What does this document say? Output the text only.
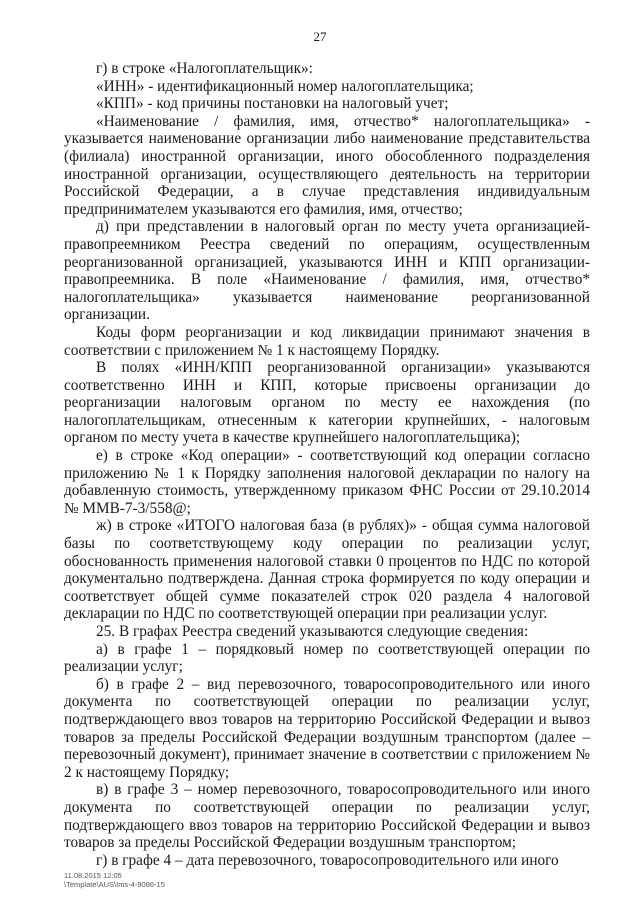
27

г) в строке «Налогоплательщик»:

«ИНН» - идентификационный номер налогоплательщика;

«КПП» - код причины постановки на налоговый учет;

«Наименование / фамилия, имя, отчество* налогоплательщика» - указывается наименование организации либо наименование представительства (филиала) иностранной организации, иного обособленного подразделения иностранной организации, осуществляющего деятельность на территории Российской Федерации, а в случае представления индивидуальным предпринимателем указываются его фамилия, имя, отчество;

д) при представлении в налоговый орган по месту учета организацией-правопреемником Реестра сведений по операциям, осуществленным реорганизованной организацией, указываются ИНН и КПП организации-правопреемника. В поле «Наименование / фамилия, имя, отчество* налогоплательщика» указывается наименование реорганизованной организации.

Коды форм реорганизации и код ликвидации принимают значения в соответствии с приложением № 1 к настоящему Порядку.

В полях «ИНН/КПП реорганизованной организации» указываются соответственно ИНН и КПП, которые присвоены организации до реорганизации налоговым органом по месту ее нахождения (по налогоплательщикам, отнесенным к категории крупнейших, - налоговым органом по месту учета в качестве крупнейшего налогоплательщика);

е) в строке «Код операции» - соответствующий код операции согласно приложению № 1 к Порядку заполнения налоговой декларации по налогу на добавленную стоимость, утвержденному приказом ФНС России от 29.10.2014 № ММВ-7-3/558@;

ж) в строке «ИТОГО налоговая база (в рублях)» - общая сумма налоговой базы по соответствующему коду операции по реализации услуг, обоснованность применения налоговой ставки 0 процентов по НДС по которой документально подтверждена. Данная строка формируется по коду операции и соответствует общей сумме показателей строк 020 раздела 4 налоговой декларации по НДС по соответствующей операции при реализации услуг.

25. В графах Реестра сведений указываются следующие сведения:

а) в графе 1 – порядковый номер по соответствующей операции по реализации услуг;

б) в графе 2 – вид перевозочного, товаросопроводительного или иного документа по соответствующей операции по реализации услуг, подтверждающего ввоз товаров на территорию Российской Федерации и вывоз товаров за пределы Российской Федерации воздушным транспортом (далее – перевозочный документ), принимает значение в соответствии с приложением № 2 к настоящему Порядку;

в) в графе 3 – номер перевозочного, товаросопроводительного или иного документа по соответствующей операции по реализации услуг, подтверждающего ввоз товаров на территорию Российской Федерации и вывоз товаров за пределы Российской Федерации воздушным транспортом;

г) в графе 4 – дата перевозочного, товаросопроводительного или иного

11.08.2015 12:05
\Template\AUS\Ims-4-9086-15
